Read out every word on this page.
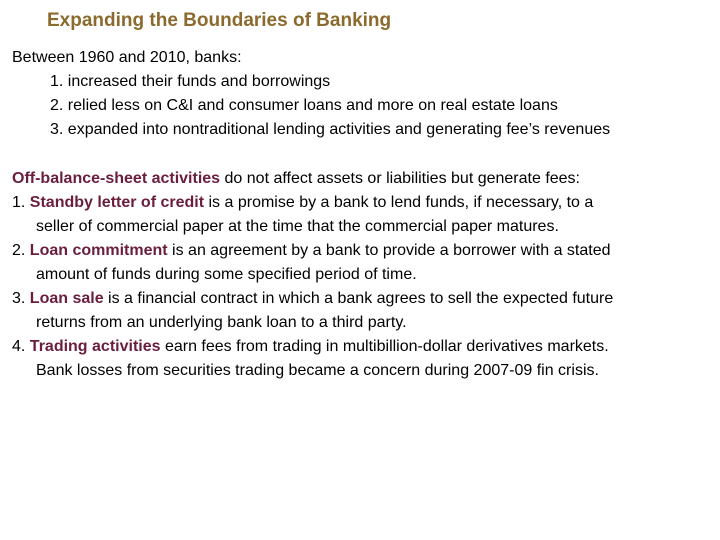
Expanding the Boundaries of Banking
Between 1960 and 2010, banks:
1. increased their funds and borrowings
2. relied less on C&I and consumer loans and more on real estate loans
3. expanded into nontraditional lending activities and generating fee’s revenues
Off-balance-sheet activities do not affect assets or liabilities but generate fees:
1. Standby letter of credit is a promise by a bank to lend funds, if necessary, to a
seller of commercial paper at the time that the commercial paper matures.
2. Loan commitment is an agreement by a bank to provide a borrower with a stated
amount of funds during some specified period of time.
3. Loan sale is a financial contract in which a bank agrees to sell the expected future
returns from an underlying bank loan to a third party.
4. Trading activities earn fees from trading in multibillion-dollar derivatives markets.
Bank losses from securities trading became a concern during 2007-09 fin crisis.
